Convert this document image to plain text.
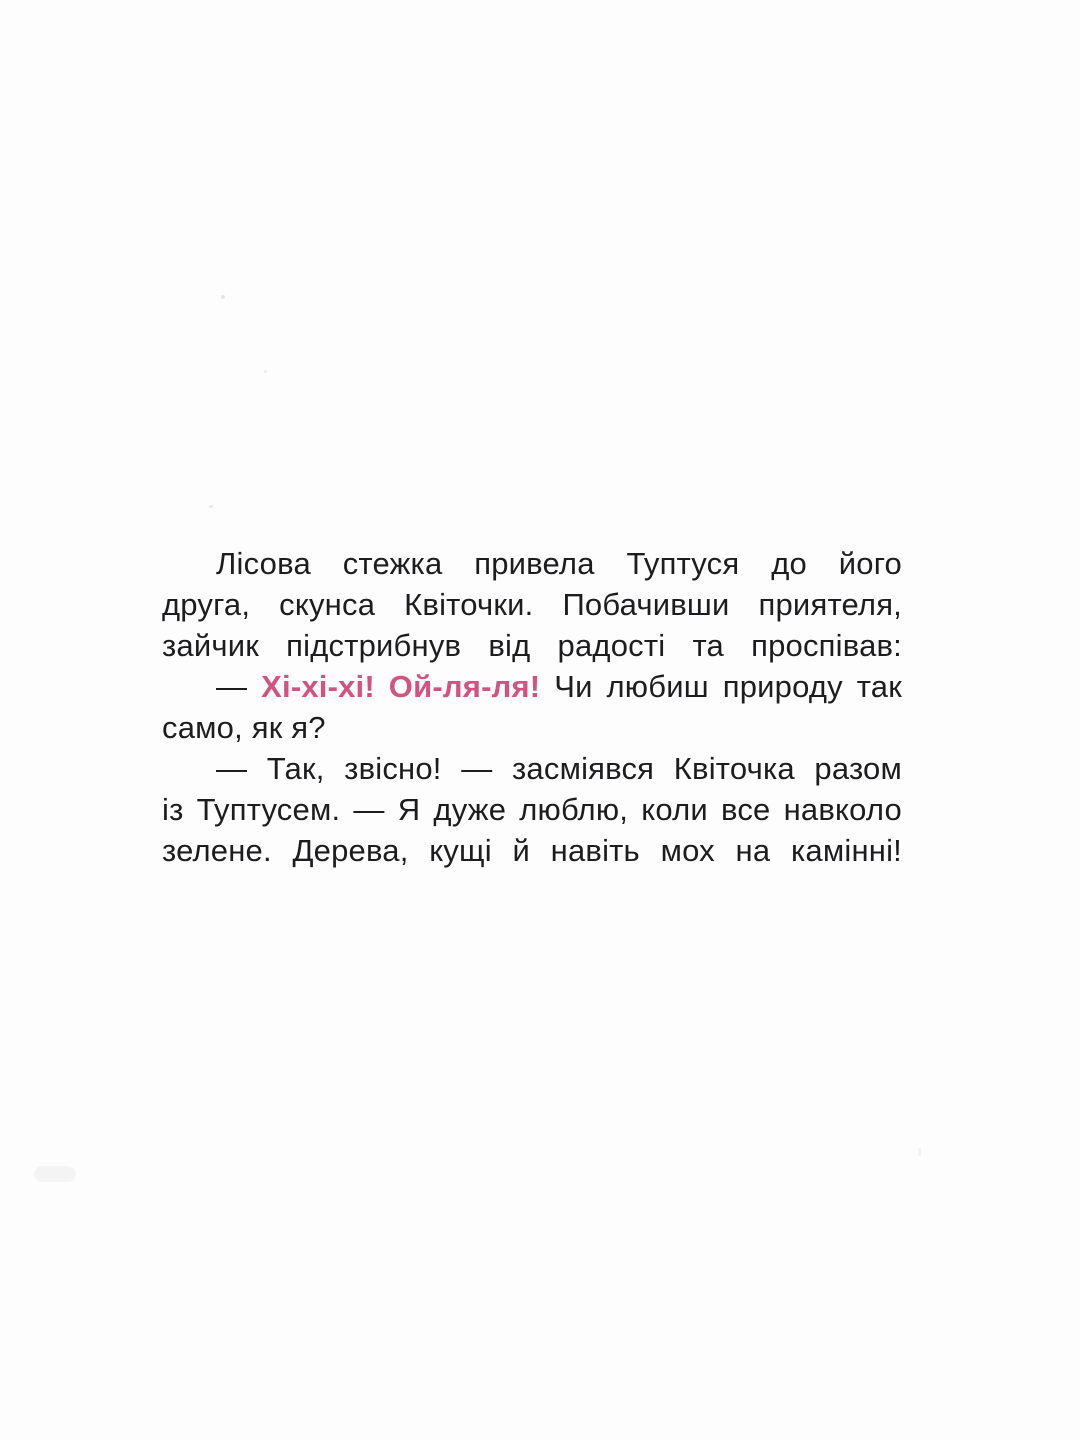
Лісова стежка привела Туптуся до його
друга, скунса Квіточки. Побачивши приятеля,
зайчик підстрибнув від радості та проспівав:
— Хі-хі-хі! Ой-ля-ля! Чи любиш природу так
само, як я?
— Так, звісно! — засміявся Квіточка разом
із Туптусем. — Я дуже люблю, коли все навколо
зелене. Дерева, кущі й навіть мох на камінні!
